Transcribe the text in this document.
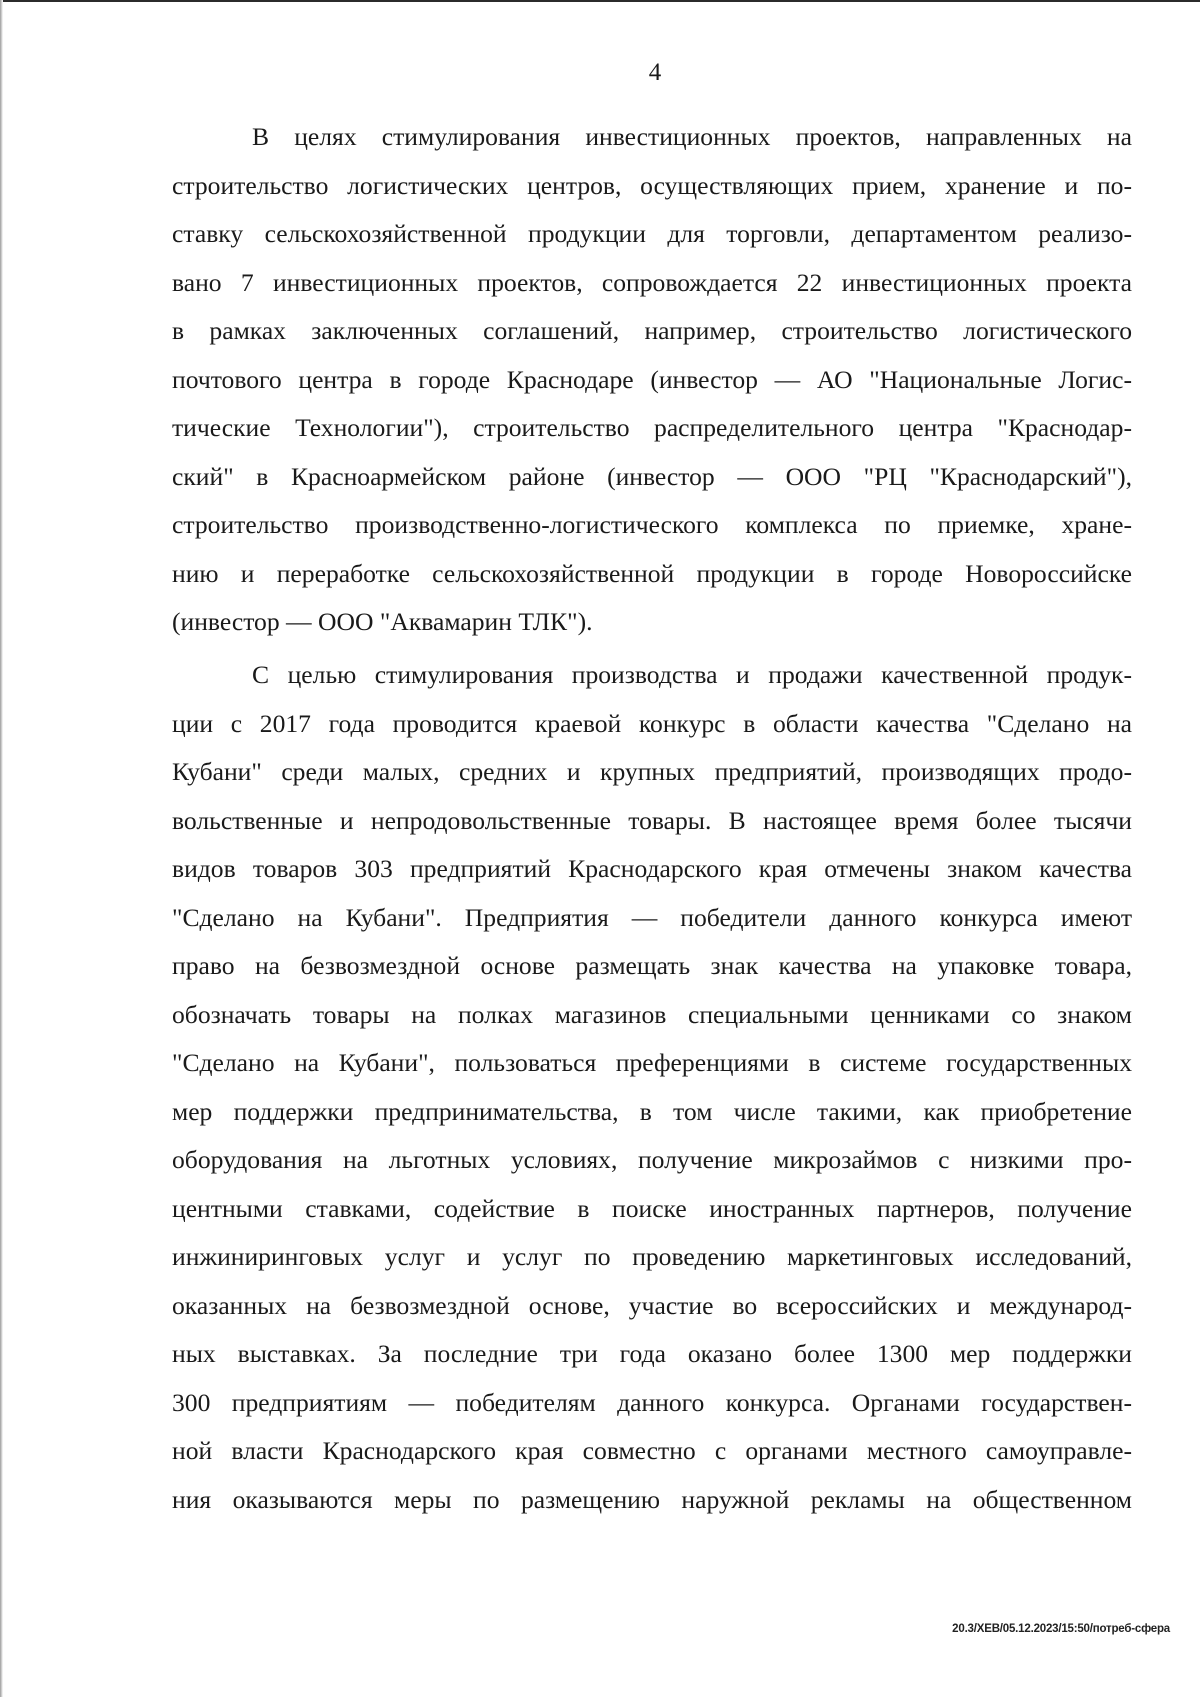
4
В целях стимулирования инвестиционных проектов, направленных на
строительство логистических центров, осуществляющих прием, хранение и по-
ставку сельскохозяйственной продукции для торговли, департаментом реализо-
вано 7 инвестиционных проектов, сопровождается 22 инвестиционных проекта
в рамках заключенных соглашений, например, строительство логистического
почтового центра в городе Краснодаре (инвестор — АО "Национальные Логис-
тические Технологии"), строительство распределительного центра "Краснодар-
ский" в Красноармейском районе (инвестор — ООО "РЦ "Краснодарский"),
строительство производственно-логистического комплекса по приемке, хране-
нию и переработке сельскохозяйственной продукции в городе Новороссийске
(инвестор — ООО "Аквамарин ТЛК").
С целью стимулирования производства и продажи качественной продук-
ции с 2017 года проводится краевой конкурс в области качества "Сделано на
Кубани" среди малых, средних и крупных предприятий, производящих продо-
вольственные и непродовольственные товары. В настоящее время более тысячи
видов товаров 303 предприятий Краснодарского края отмечены знаком качества
"Сделано на Кубани". Предприятия — победители данного конкурса имеют
право на безвозмездной основе размещать знак качества на упаковке товара,
обозначать товары на полках магазинов специальными ценниками со знаком
"Сделано на Кубани", пользоваться преференциями в системе государственных
мер поддержки предпринимательства, в том числе такими, как приобретение
оборудования на льготных условиях, получение микрозаймов с низкими про-
центными ставками, содействие в поиске иностранных партнеров, получение
инжиниринговых услуг и услуг по проведению маркетинговых исследований,
оказанных на безвозмездной основе, участие во всероссийских и международ-
ных выставках. За последние три года оказано более 1300 мер поддержки
300 предприятиям — победителям данного конкурса. Органами государствен-
ной власти Краснодарского края совместно с органами местного самоуправле-
ния оказываются меры по размещению наружной рекламы на общественном
20.3/ХЕВ/05.12.2023/15:50/потреб-сфера
